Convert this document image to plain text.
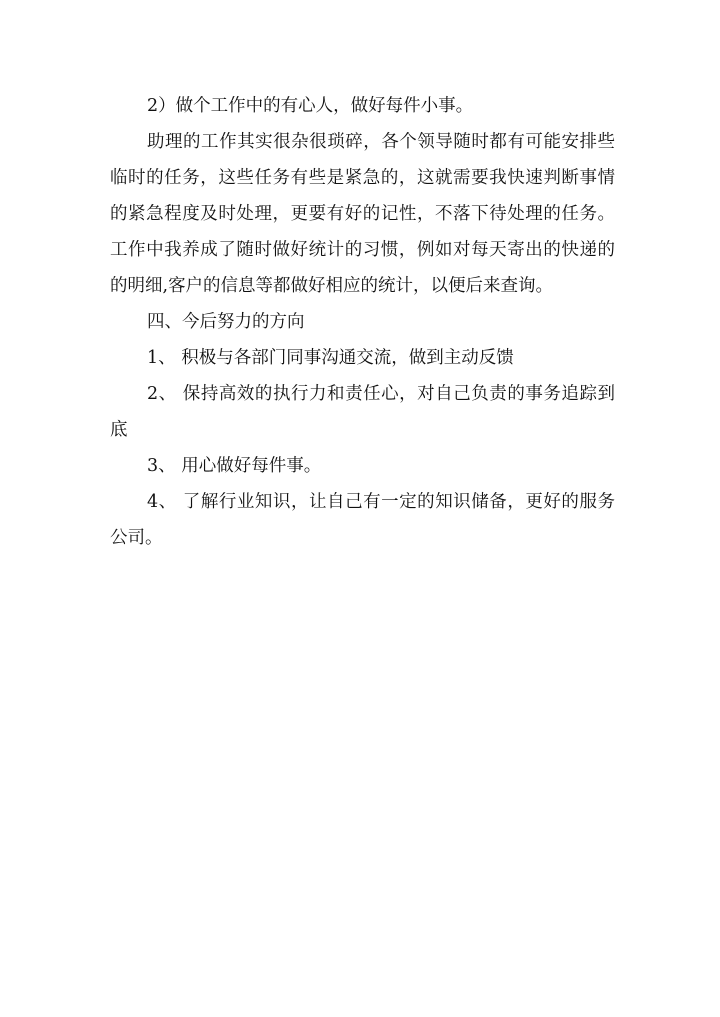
2）做个工作中的有心人，做好每件小事。

助理的工作其实很杂很琐碎，各个领导随时都有可能安排些临时的任务，这些任务有些是紧急的，这就需要我快速判断事情的紧急程度及时处理，更要有好的记性，不落下待处理的任务。工作中我养成了随时做好统计的习惯，例如对每天寄出的快递的的明细,客户的信息等都做好相应的统计，以便后来查询。

四、今后努力的方向

1、 积极与各部门同事沟通交流，做到主动反馈

2、 保持高效的执行力和责任心，对自己负责的事务追踪到底

3、 用心做好每件事。

4、 了解行业知识，让自己有一定的知识储备，更好的服务公司。
